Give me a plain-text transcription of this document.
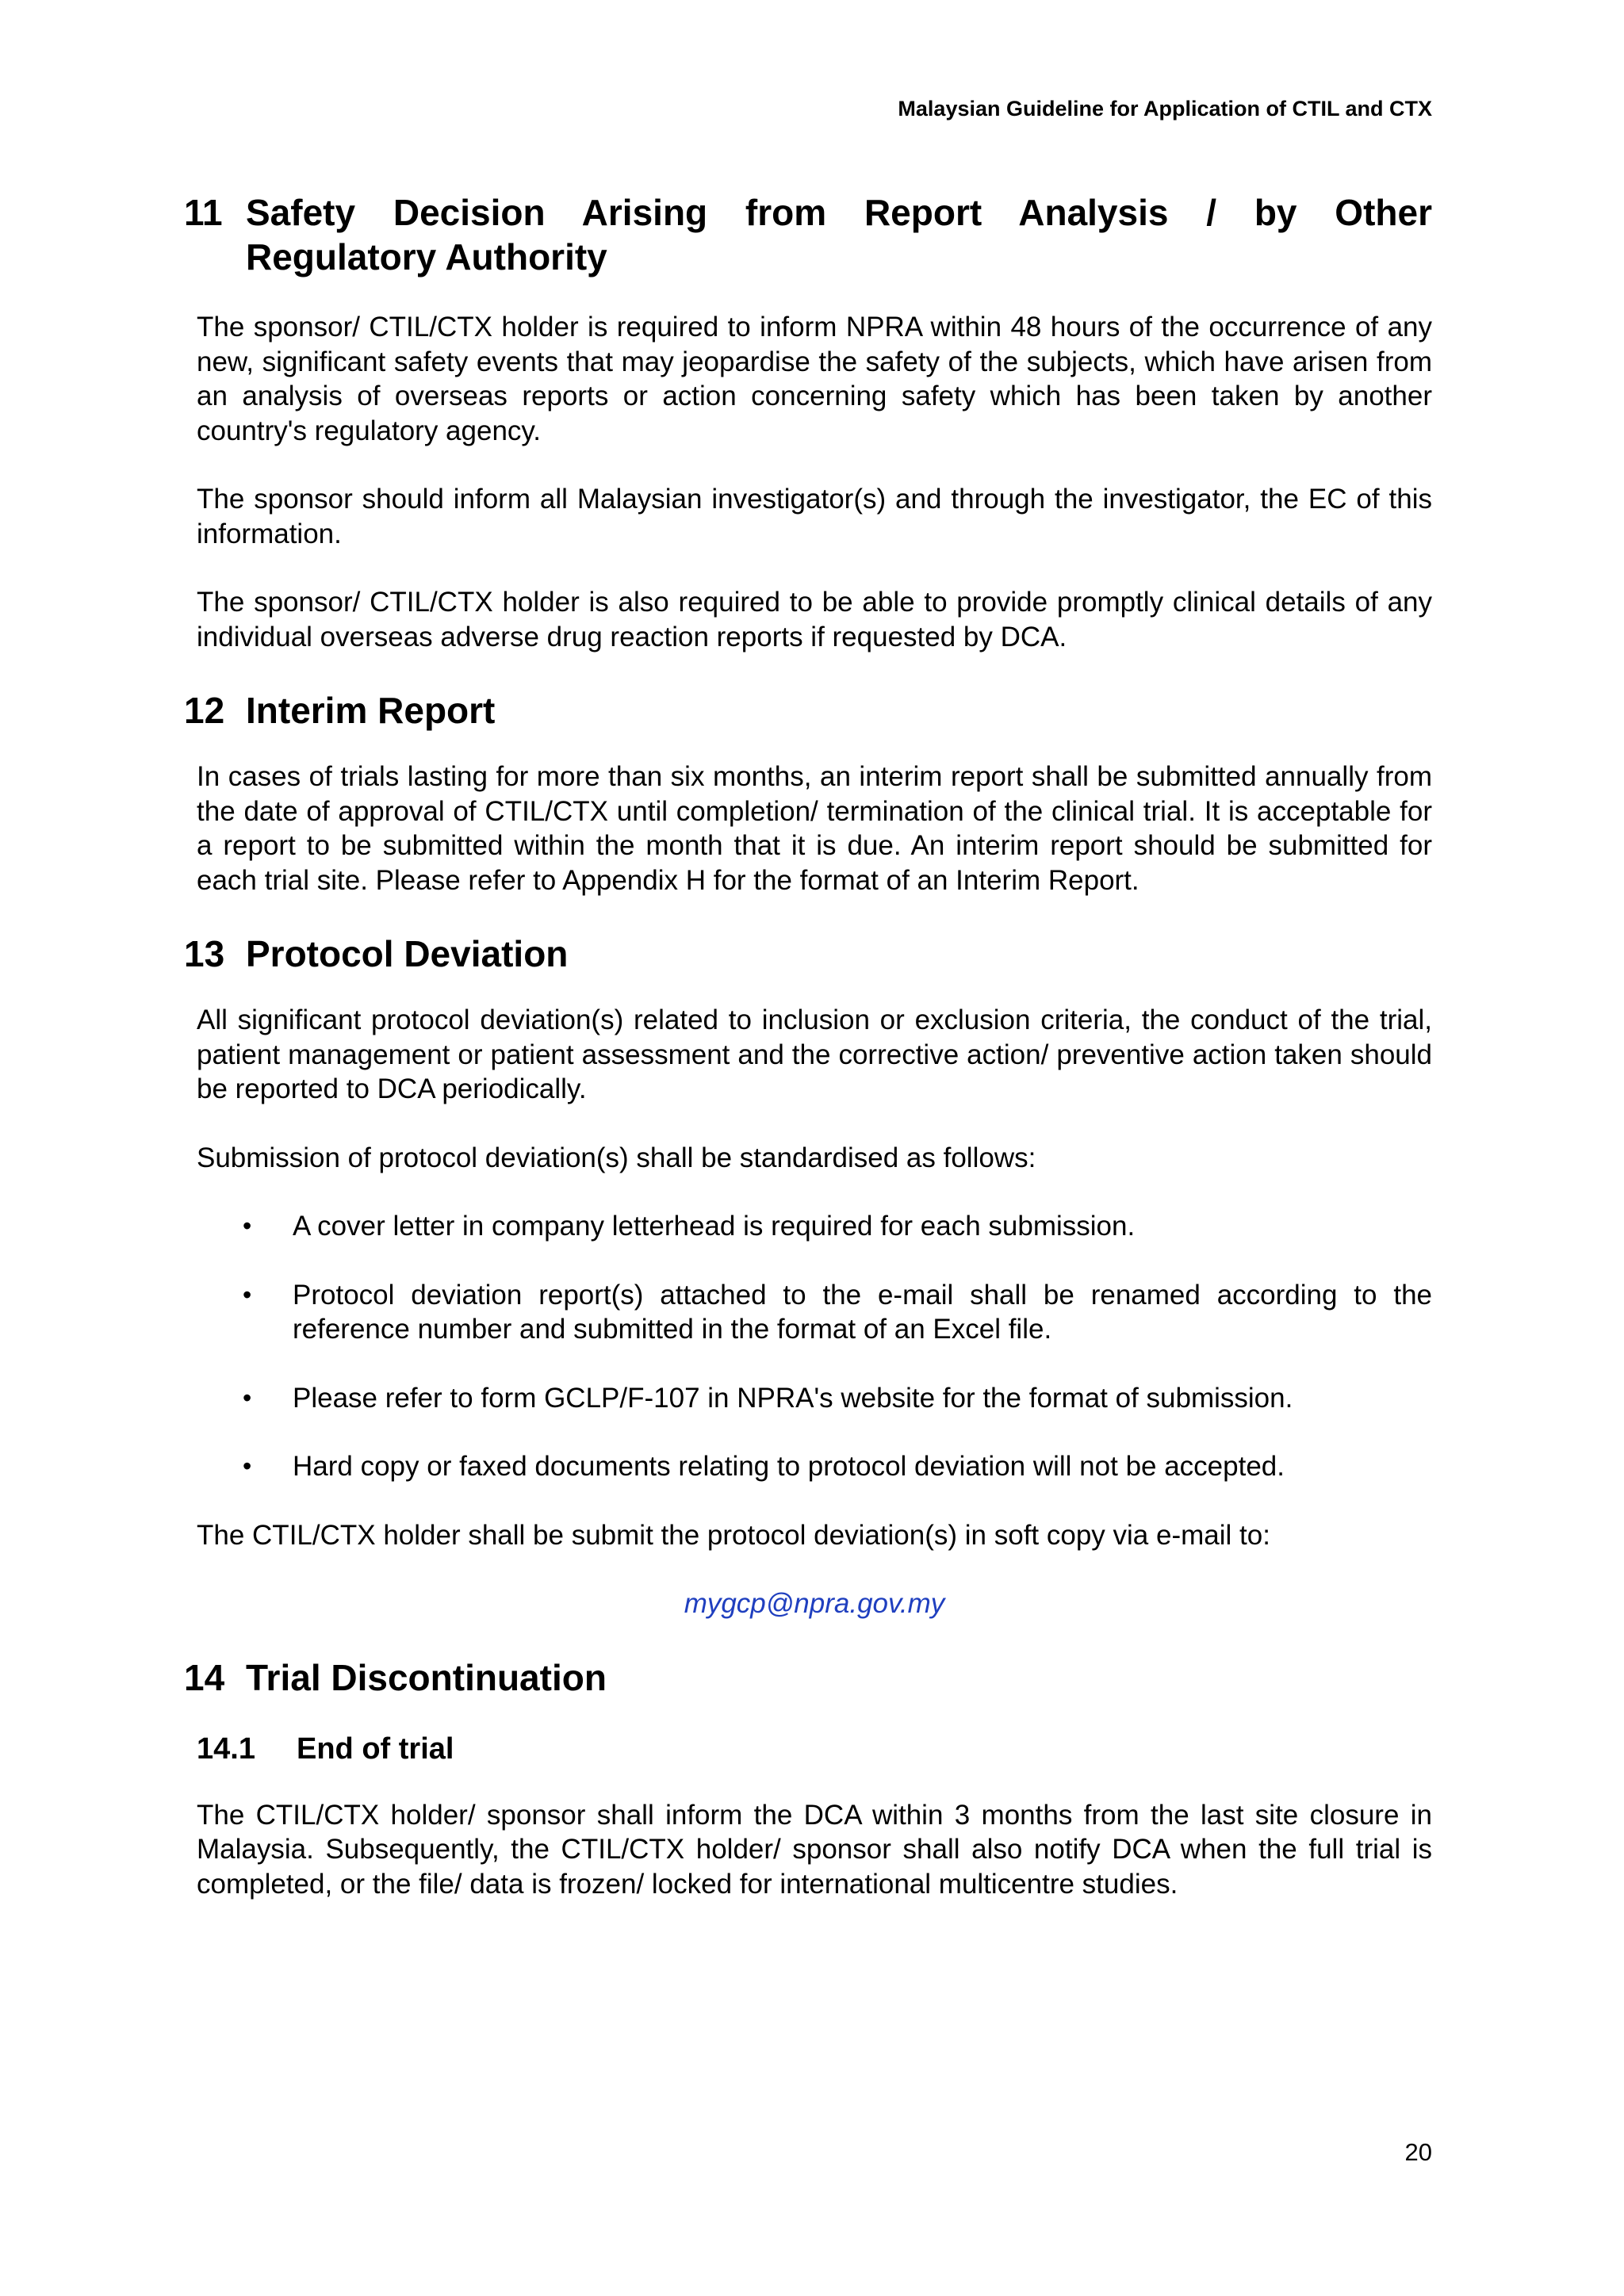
Malaysian Guideline for Application of CTIL and CTX
11 Safety Decision Arising from Report Analysis / by Other
Regulatory Authority

The sponsor/ CTIL/CTX holder is required to inform NPRA within 48 hours of the occurrence of any new, significant safety events that may jeopardise the safety of the subjects, which have arisen from an analysis of overseas reports or action concerning safety which has been taken by another country's regulatory agency.

The sponsor should inform all Malaysian investigator(s) and through the investigator, the EC of this information.

The sponsor/ CTIL/CTX holder is also required to be able to provide promptly clinical details of any individual overseas adverse drug reaction reports if requested by DCA.

12 Interim Report

In cases of trials lasting for more than six months, an interim report shall be submitted annually from the date of approval of CTIL/CTX until completion/ termination of the clinical trial. It is acceptable for a report to be submitted within the month that it is due. An interim report should be submitted for each trial site. Please refer to Appendix H for the format of an Interim Report.

13 Protocol Deviation

All significant protocol deviation(s) related to inclusion or exclusion criteria, the conduct of the trial, patient management or patient assessment and the corrective action/ preventive action taken should be reported to DCA periodically.

Submission of protocol deviation(s) shall be standardised as follows:

•	A cover letter in company letterhead is required for each submission.
•	Protocol deviation report(s) attached to the e-mail shall be renamed according to the reference number and submitted in the format of an Excel file.
•	Please refer to form GCLP/F-107 in NPRA's website for the format of submission.
•	Hard copy or faxed documents relating to protocol deviation will not be accepted.

The CTIL/CTX holder shall be submit the protocol deviation(s) in soft copy via e-mail to:

mygcp@npra.gov.my
14 Trial Discontinuation
14.1	End of trial

The CTIL/CTX holder/ sponsor shall inform the DCA within 3 months from the last site closure in Malaysia. Subsequently, the CTIL/CTX holder/ sponsor shall also notify DCA when the full trial is completed, or the file/ data is frozen/ locked for international multicentre studies.

20
